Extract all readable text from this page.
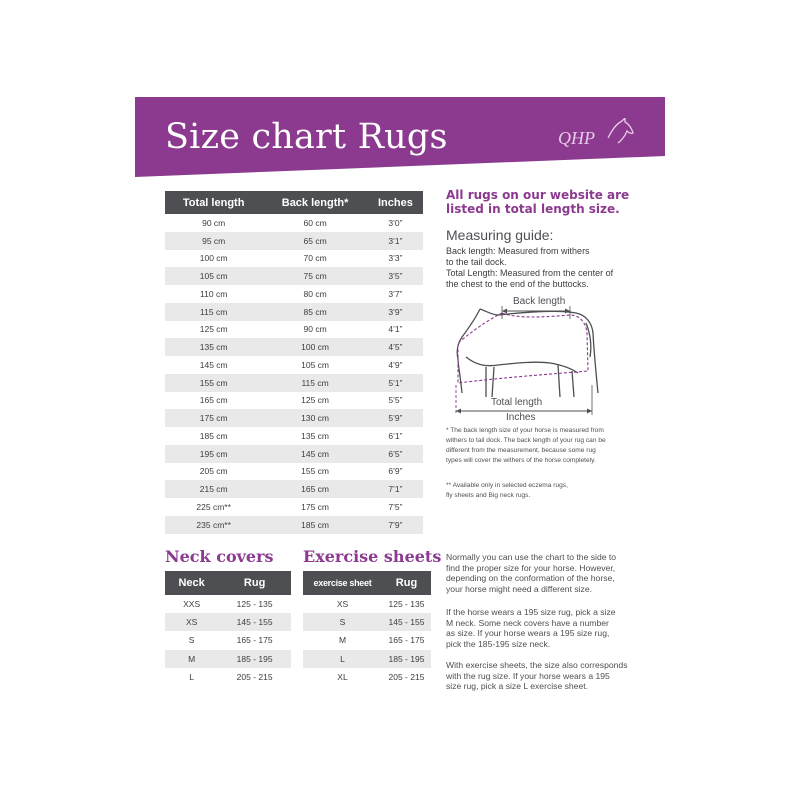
Size chart Rugs	QHP
Total length	Back length*	Inches
90 cm	60 cm	3’0”
95 cm	65 cm	3’1”
100 cm	70 cm	3’3”
105 cm	75 cm	3’5”
110 cm	80 cm	3’7”
115 cm	85 cm	3’9”
125 cm	90 cm	4’1”
135 cm	100 cm	4’5”
145 cm	105 cm	4’9”
155 cm	115 cm	5’1”
165 cm	125 cm	5’5”
175 cm	130 cm	5’9”
185 cm	135 cm	6’1”
195 cm	145 cm	6’5”
205 cm	155 cm	6’9”
215 cm	165 cm	7’1”
225 cm**	175 cm	7’5”
235 cm**	185 cm	7’9”
All rugs on our website are
listed in total length size.
Measuring guide:
Back length: Measured from withers
to the tail dock.
Total Length: Measured from the center of
the chest to the end of the buttocks.
Back length
Total length
Inches
* The back length size of your horse is measured from
withers to tail dock. The back length of your rug can be
different from the measurement, because some rug
types will cover the withers of the horse completely.
** Available only in selected eczema rugs,
fly sheets and Big neck rugs.
Neck covers
Neck	Rug
XXS	125 - 135
XS	145 - 155
S	165 - 175
M	185 - 195
L	205 - 215
Exercise sheets
exercise sheet	Rug
XS	125 - 135
S	145 - 155
M	165 - 175
L	185 - 195
XL	205 - 215
Normally you can use the chart to the side to
find the proper size for your horse. However,
depending on the conformation of the horse,
your horse might need a different size.
If the horse wears a 195 size rug, pick a size
M neck. Some neck covers have a number
as size. If your horse wears a 195 size rug,
pick the 185-195 size neck.
With exercise sheets, the size also corresponds
with the rug size. If your horse wears a 195
size rug, pick a size L exercise sheet.
